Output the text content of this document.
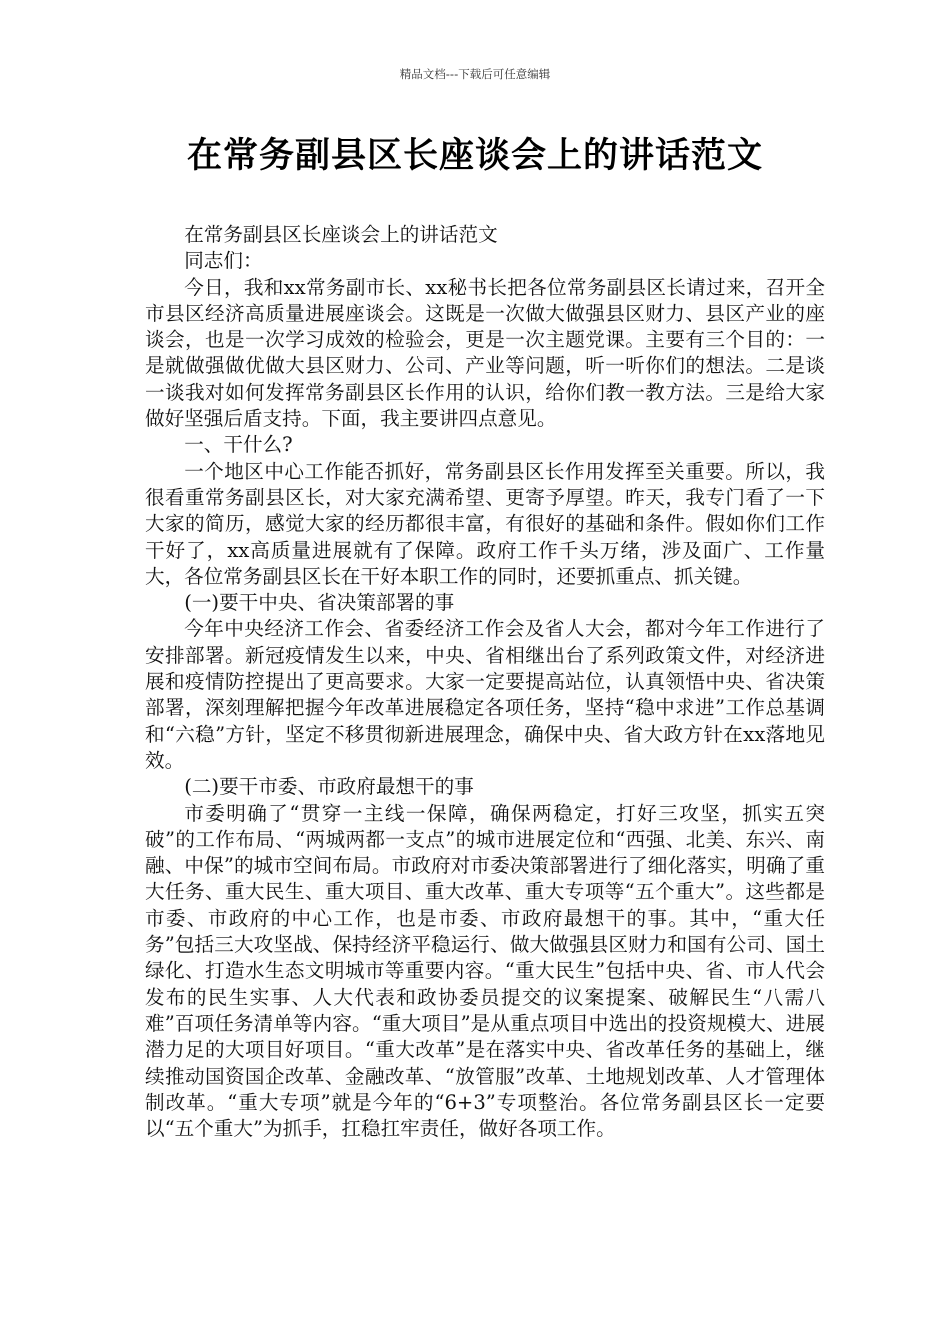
精品文档---下载后可任意编辑
在常务副县区长座谈会上的讲话范文

在常务副县区长座谈会上的讲话范文

同志们：

今日，我和xx常务副市长、xx秘书长把各位常务副县区长请过来，召开全市县区经济高质量进展座谈会。这既是一次做大做强县区财力、县区产业的座谈会，也是一次学习成效的检验会，更是一次主题党课。主要有三个目的：一是就做强做优做大县区财力、公司、产业等问题，听一听你们的想法。二是谈一谈我对如何发挥常务副县区长作用的认识，给你们教一教方法。三是给大家做好坚强后盾支持。下面，我主要讲四点意见。

一、干什么?

一个地区中心工作能否抓好，常务副县区长作用发挥至关重要。所以，我很看重常务副县区长，对大家充满希望、更寄予厚望。昨天，我专门看了一下大家的简历，感觉大家的经历都很丰富，有很好的基础和条件。假如你们工作干好了，xx高质量进展就有了保障。政府工作千头万绪，涉及面广、工作量大，各位常务副县区长在干好本职工作的同时，还要抓重点、抓关键。

(一)要干中央、省决策部署的事

今年中央经济工作会、省委经济工作会及省人大会，都对今年工作进行了安排部署。新冠疫情发生以来，中央、省相继出台了系列政策文件，对经济进展和疫情防控提出了更高要求。大家一定要提高站位，认真领悟中央、省决策部署，深刻理解把握今年改革进展稳定各项任务，坚持“稳中求进”工作总基调和“六稳”方针，坚定不移贯彻新进展理念，确保中央、省大政方针在xx落地见效。

(二)要干市委、市政府最想干的事

市委明确了“贯穿一主线一保障，确保两稳定，打好三攻坚，抓实五突破”的工作布局、“两城两都一支点”的城市进展定位和“西强、北美、东兴、南融、中保”的城市空间布局。市政府对市委决策部署进行了细化落实，明确了重大任务、重大民生、重大项目、重大改革、重大专项等“五个重大”。这些都是市委、市政府的中心工作，也是市委、市政府最想干的事。其中，“重大任务”包括三大攻坚战、保持经济平稳运行、做大做强县区财力和国有公司、国土绿化、打造水生态文明城市等重要内容。“重大民生”包括中央、省、市人代会发布的民生实事、人大代表和政协委员提交的议案提案、破解民生“八需八难”百项任务清单等内容。“重大项目”是从重点项目中选出的投资规模大、进展潜力足的大项目好项目。“重大改革”是在落实中央、省改革任务的基础上，继续推动国资国企改革、金融改革、“放管服”改革、土地规划改革、人才管理体制改革。“重大专项”就是今年的“6+3”专项整治。各位常务副县区长一定要以“五个重大”为抓手，扛稳扛牢责任，做好各项工作。
